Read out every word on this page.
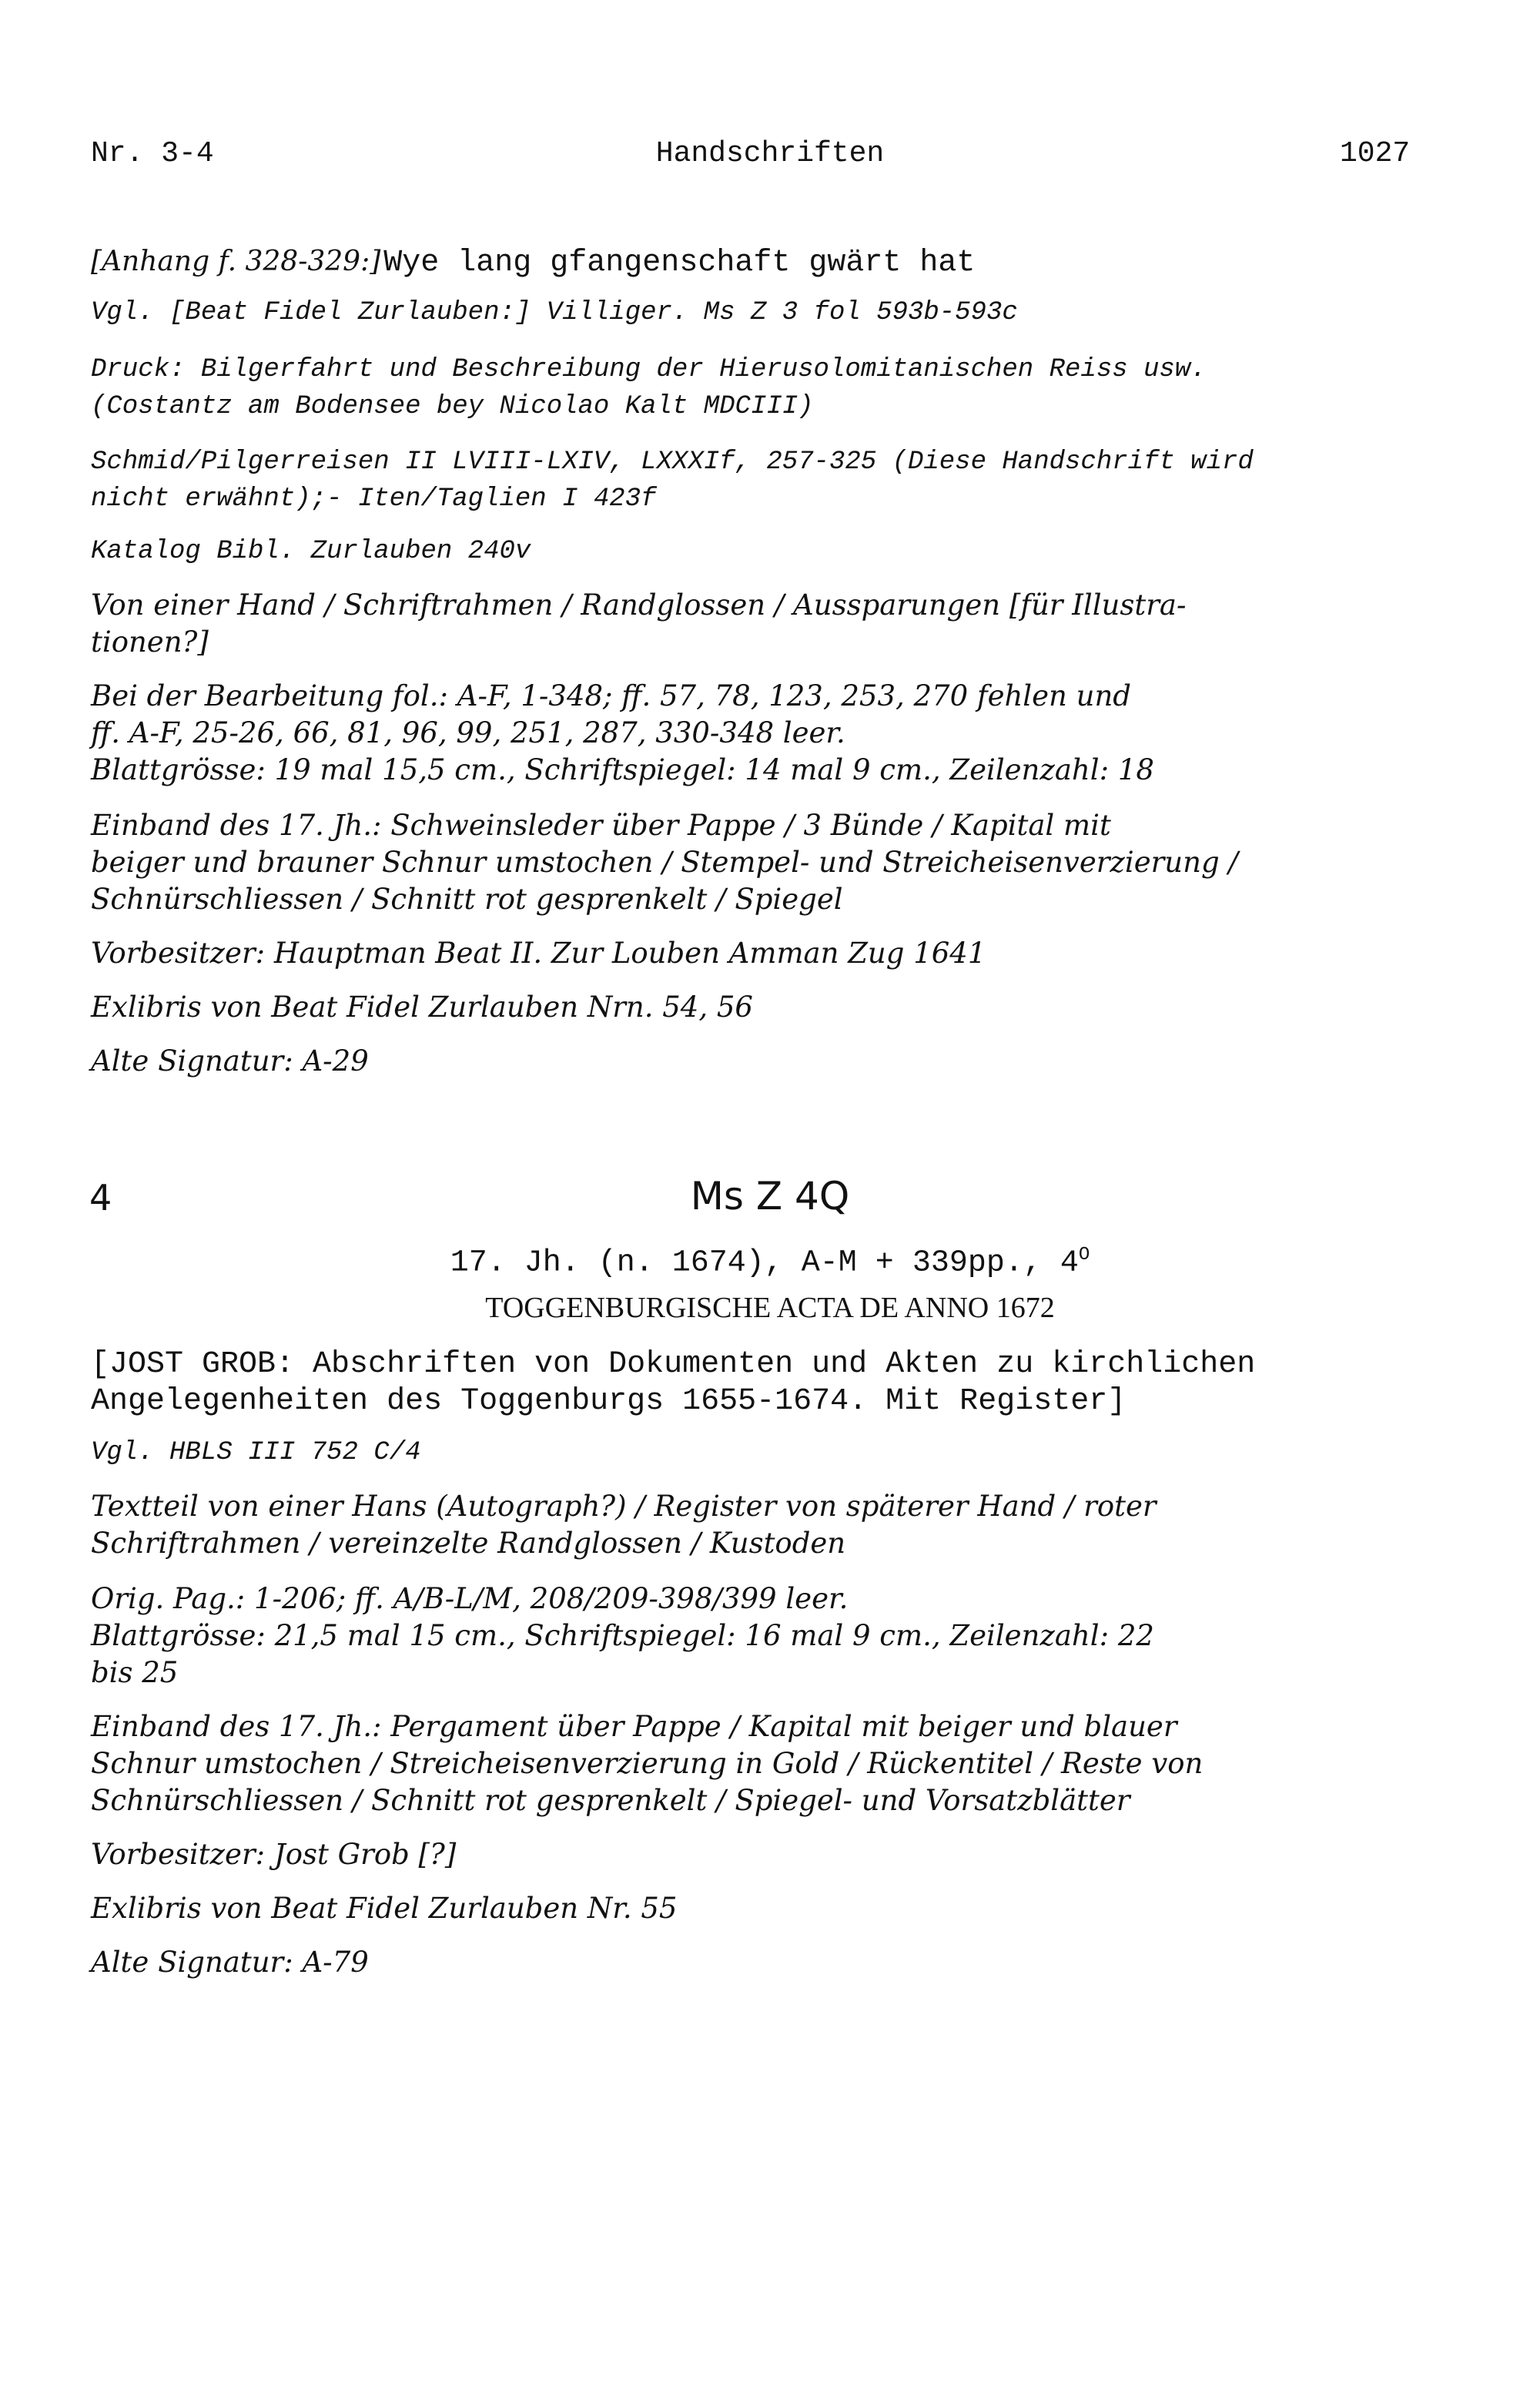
Nr. 3-4	Handschriften	1027
[Anhang f. 328-329:] Wye lang gfangenschaft gwärt hat
Vgl. [Beat Fidel Zurlauben:] Villiger. Ms Z 3 fol 593b-593c
Druck: Bilgerfahrt und Beschreibung der Hierusolomitanischen Reiss usw.
(Costantz am Bodensee bey Nicolao Kalt MDCIII)
Schmid/Pilgerreisen II LVIII-LXIV, LXXXIf, 257-325 (Diese Handschrift wird
nicht erwähnt);- Iten/Taglien I 423f
Katalog Bibl. Zurlauben 240v
Von einer Hand / Schriftrahmen / Randglossen / Aussparungen [für Illustra-
tionen?]
Bei der Bearbeitung fol.: A-F, 1-348; ff. 57, 78, 123, 253, 270 fehlen und
ff. A-F, 25-26, 66, 81, 96, 99, 251, 287, 330-348 leer.
Blattgrösse: 19 mal 15,5 cm., Schriftspiegel: 14 mal 9 cm., Zeilenzahl: 18
Einband des 17. Jh.: Schweinsleder über Pappe / 3 Bünde / Kapital mit
beiger und brauner Schnur umstochen / Stempel- und Streicheisenverzierung /
Schnürschliessen / Schnitt rot gesprenkelt / Spiegel
Vorbesitzer: Hauptman Beat II. Zur Louben Amman Zug 1641
Exlibris von Beat Fidel Zurlauben Nrn. 54, 56
Alte Signatur: A-29
4	Ms Z 4Q
17. Jh. (n. 1674), A-M + 339pp., $4^O$
TOGGENBURGISCHE ACTA DE ANNO 1672
[JOST GROB: Abschriften von Dokumenten und Akten zu kirchlichen
Angelegenheiten des Toggenburgs 1655-1674. Mit Register]
Vgl. HBLS III 752 C/4
Textteil von einer Hans (Autograph?) / Register von späterer Hand / roter
Schriftrahmen / vereinzelte Randglossen / Kustoden
Orig. Pag.: 1-206; ff. A/B-L/M, 208/209-398/399 leer.
Blattgrösse: 21,5 mal 15 cm., Schriftspiegel: 16 mal 9 cm., Zeilenzahl: 22
bis 25
Einband des 17. Jh.: Pergament über Pappe / Kapital mit beiger und blauer
Schnur umstochen / Streicheisenverzierung in Gold / Rückentitel / Reste von
Schnürschliessen / Schnitt rot gesprenkelt / Spiegel- und Vorsatzblätter
Vorbesitzer: Jost Grob [?]
Exlibris von Beat Fidel Zurlauben Nr. 55
Alte Signatur: A-79
